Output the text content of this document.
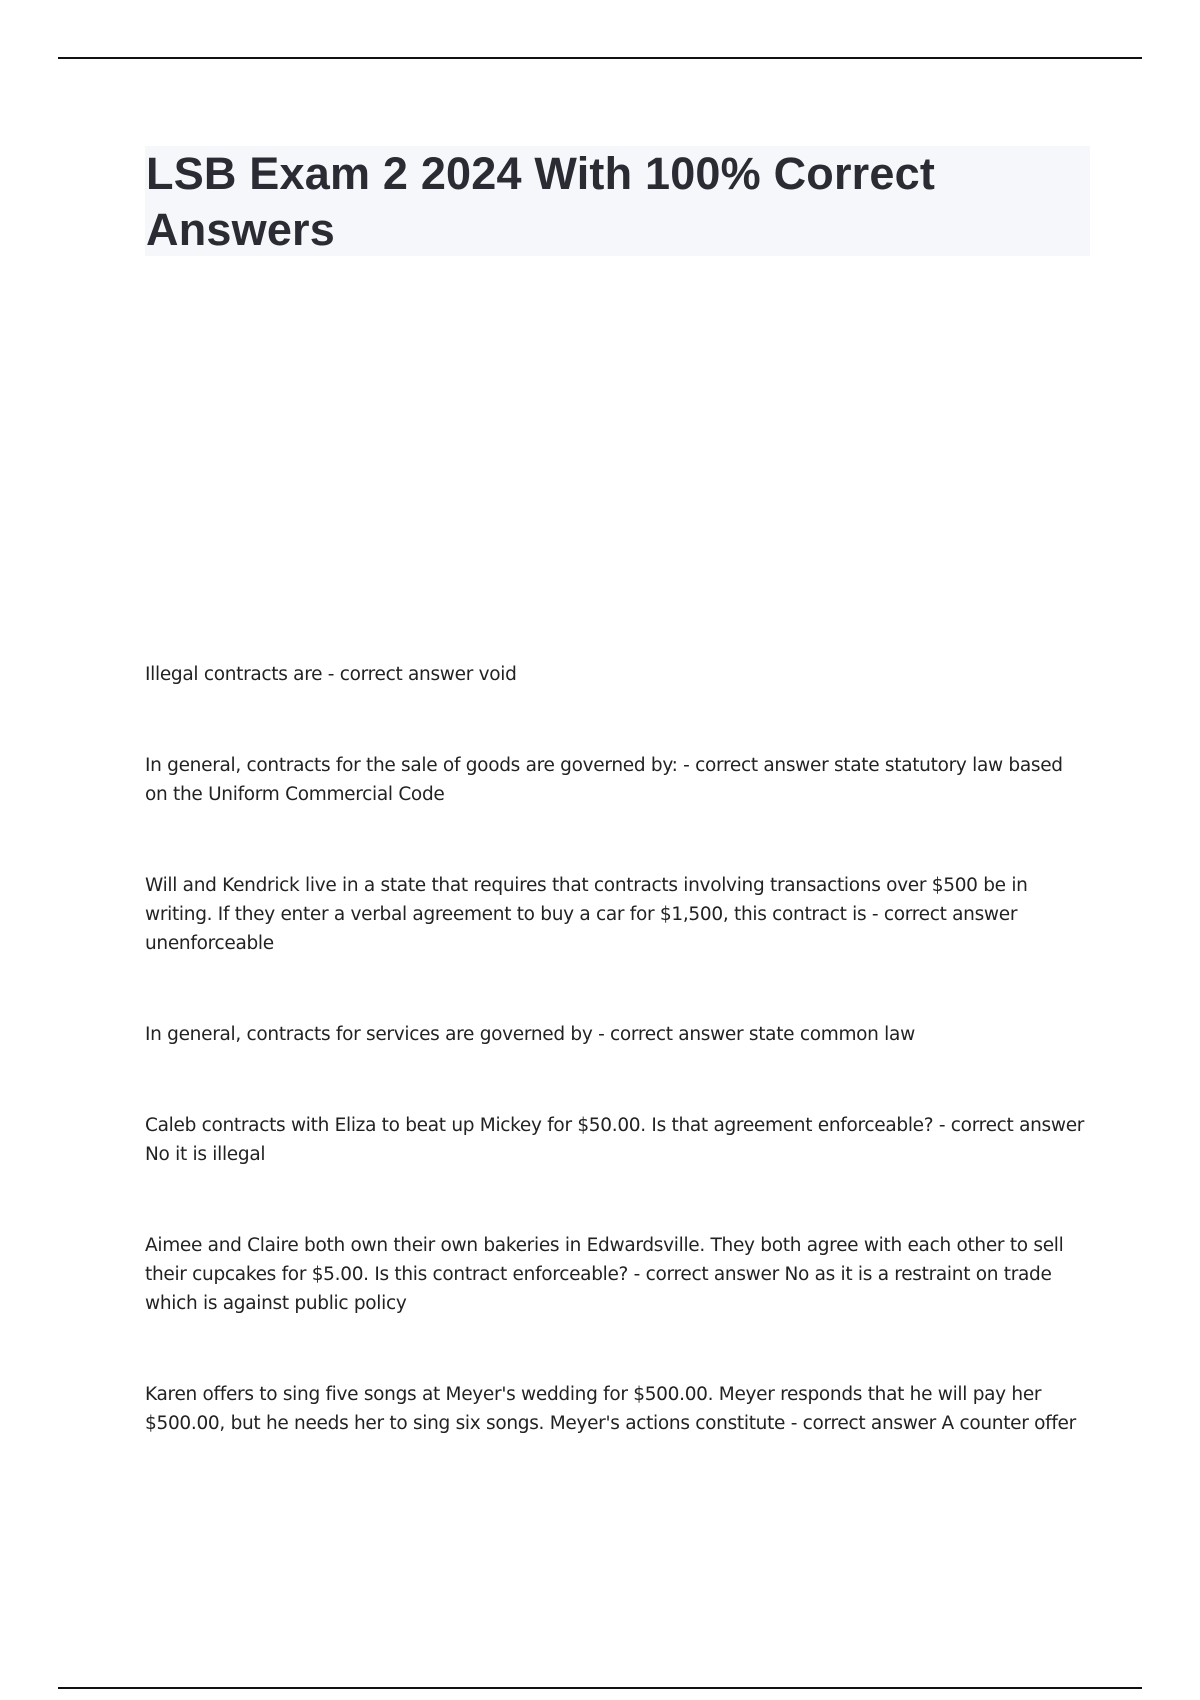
LSB Exam 2 2024 With 100% Correct Answers
Illegal contracts are - correct answer void
In general, contracts for the sale of goods are governed by: - correct answer state statutory law based on the Uniform Commercial Code
Will and Kendrick live in a state that requires that contracts involving transactions over $500 be in writing. If they enter a verbal agreement to buy a car for $1,500, this contract is - correct answer unenforceable
In general, contracts for services are governed by - correct answer state common law
Caleb contracts with Eliza to beat up Mickey for $50.00. Is that agreement enforceable? - correct answer No it is illegal
Aimee and Claire both own their own bakeries in Edwardsville. They both agree with each other to sell their cupcakes for $5.00. Is this contract enforceable? - correct answer No as it is a restraint on trade which is against public policy
Karen offers to sing five songs at Meyer's wedding for $500.00. Meyer responds that he will pay her $500.00, but he needs her to sing six songs. Meyer's actions constitute - correct answer A counter offer
